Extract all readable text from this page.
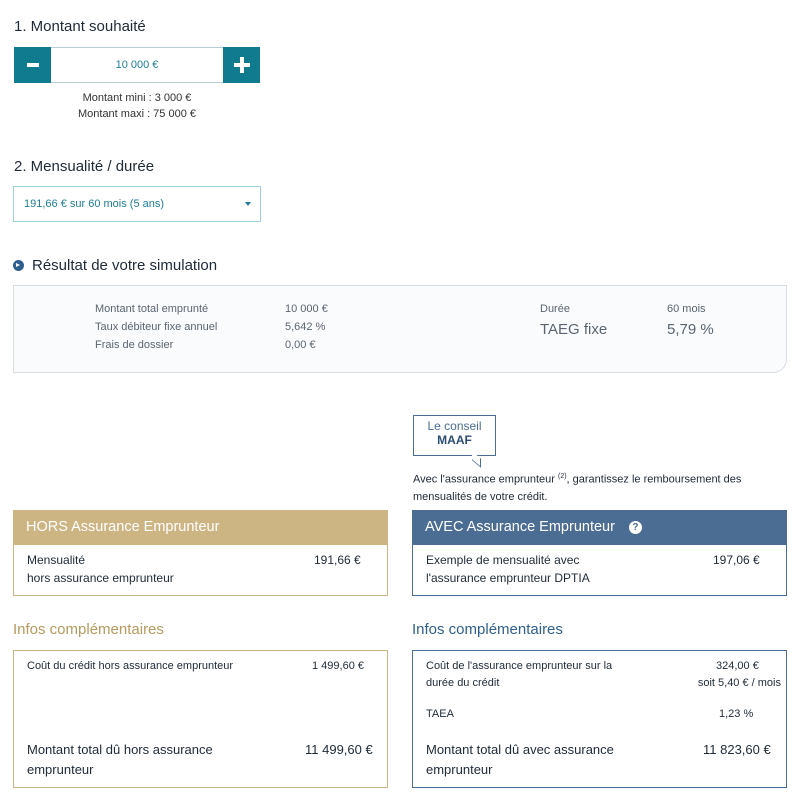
1. Montant souhaité
10 000 €
Montant mini : 3 000 €
Montant maxi : 75 000 €
2. Mensualité / durée
191,66 € sur 60 mois (5 ans)
Résultat de votre simulation
Montant total emprunté	10 000 €
Taux débiteur fixe annuel	5,642 %
Frais de dossier	0,00 €
Durée	60 mois
TAEG fixe	5,79 %
Le conseil
MAAF
Avec l'assurance emprunteur $^{(2)}$, garantissez le remboursement des mensualités de votre crédit.
HORS Assurance Emprunteur
Mensualité
hors assurance emprunteur
191,66 €
AVEC Assurance Emprunteur	?
Exemple de mensualité avec
l'assurance emprunteur DPTIA
197,06 €
Infos complémentaires	Infos complémentaires
Coût du crédit hors assurance emprunteur	1 499,60 €
Montant total dû hors assurance
emprunteur
11 499,60 €
Coût de l'assurance emprunteur sur la
durée du crédit
324,00 €
soit 5,40 € / mois
TAEA	1,23 %
Montant total dû avec assurance
emprunteur
11 823,60 €
